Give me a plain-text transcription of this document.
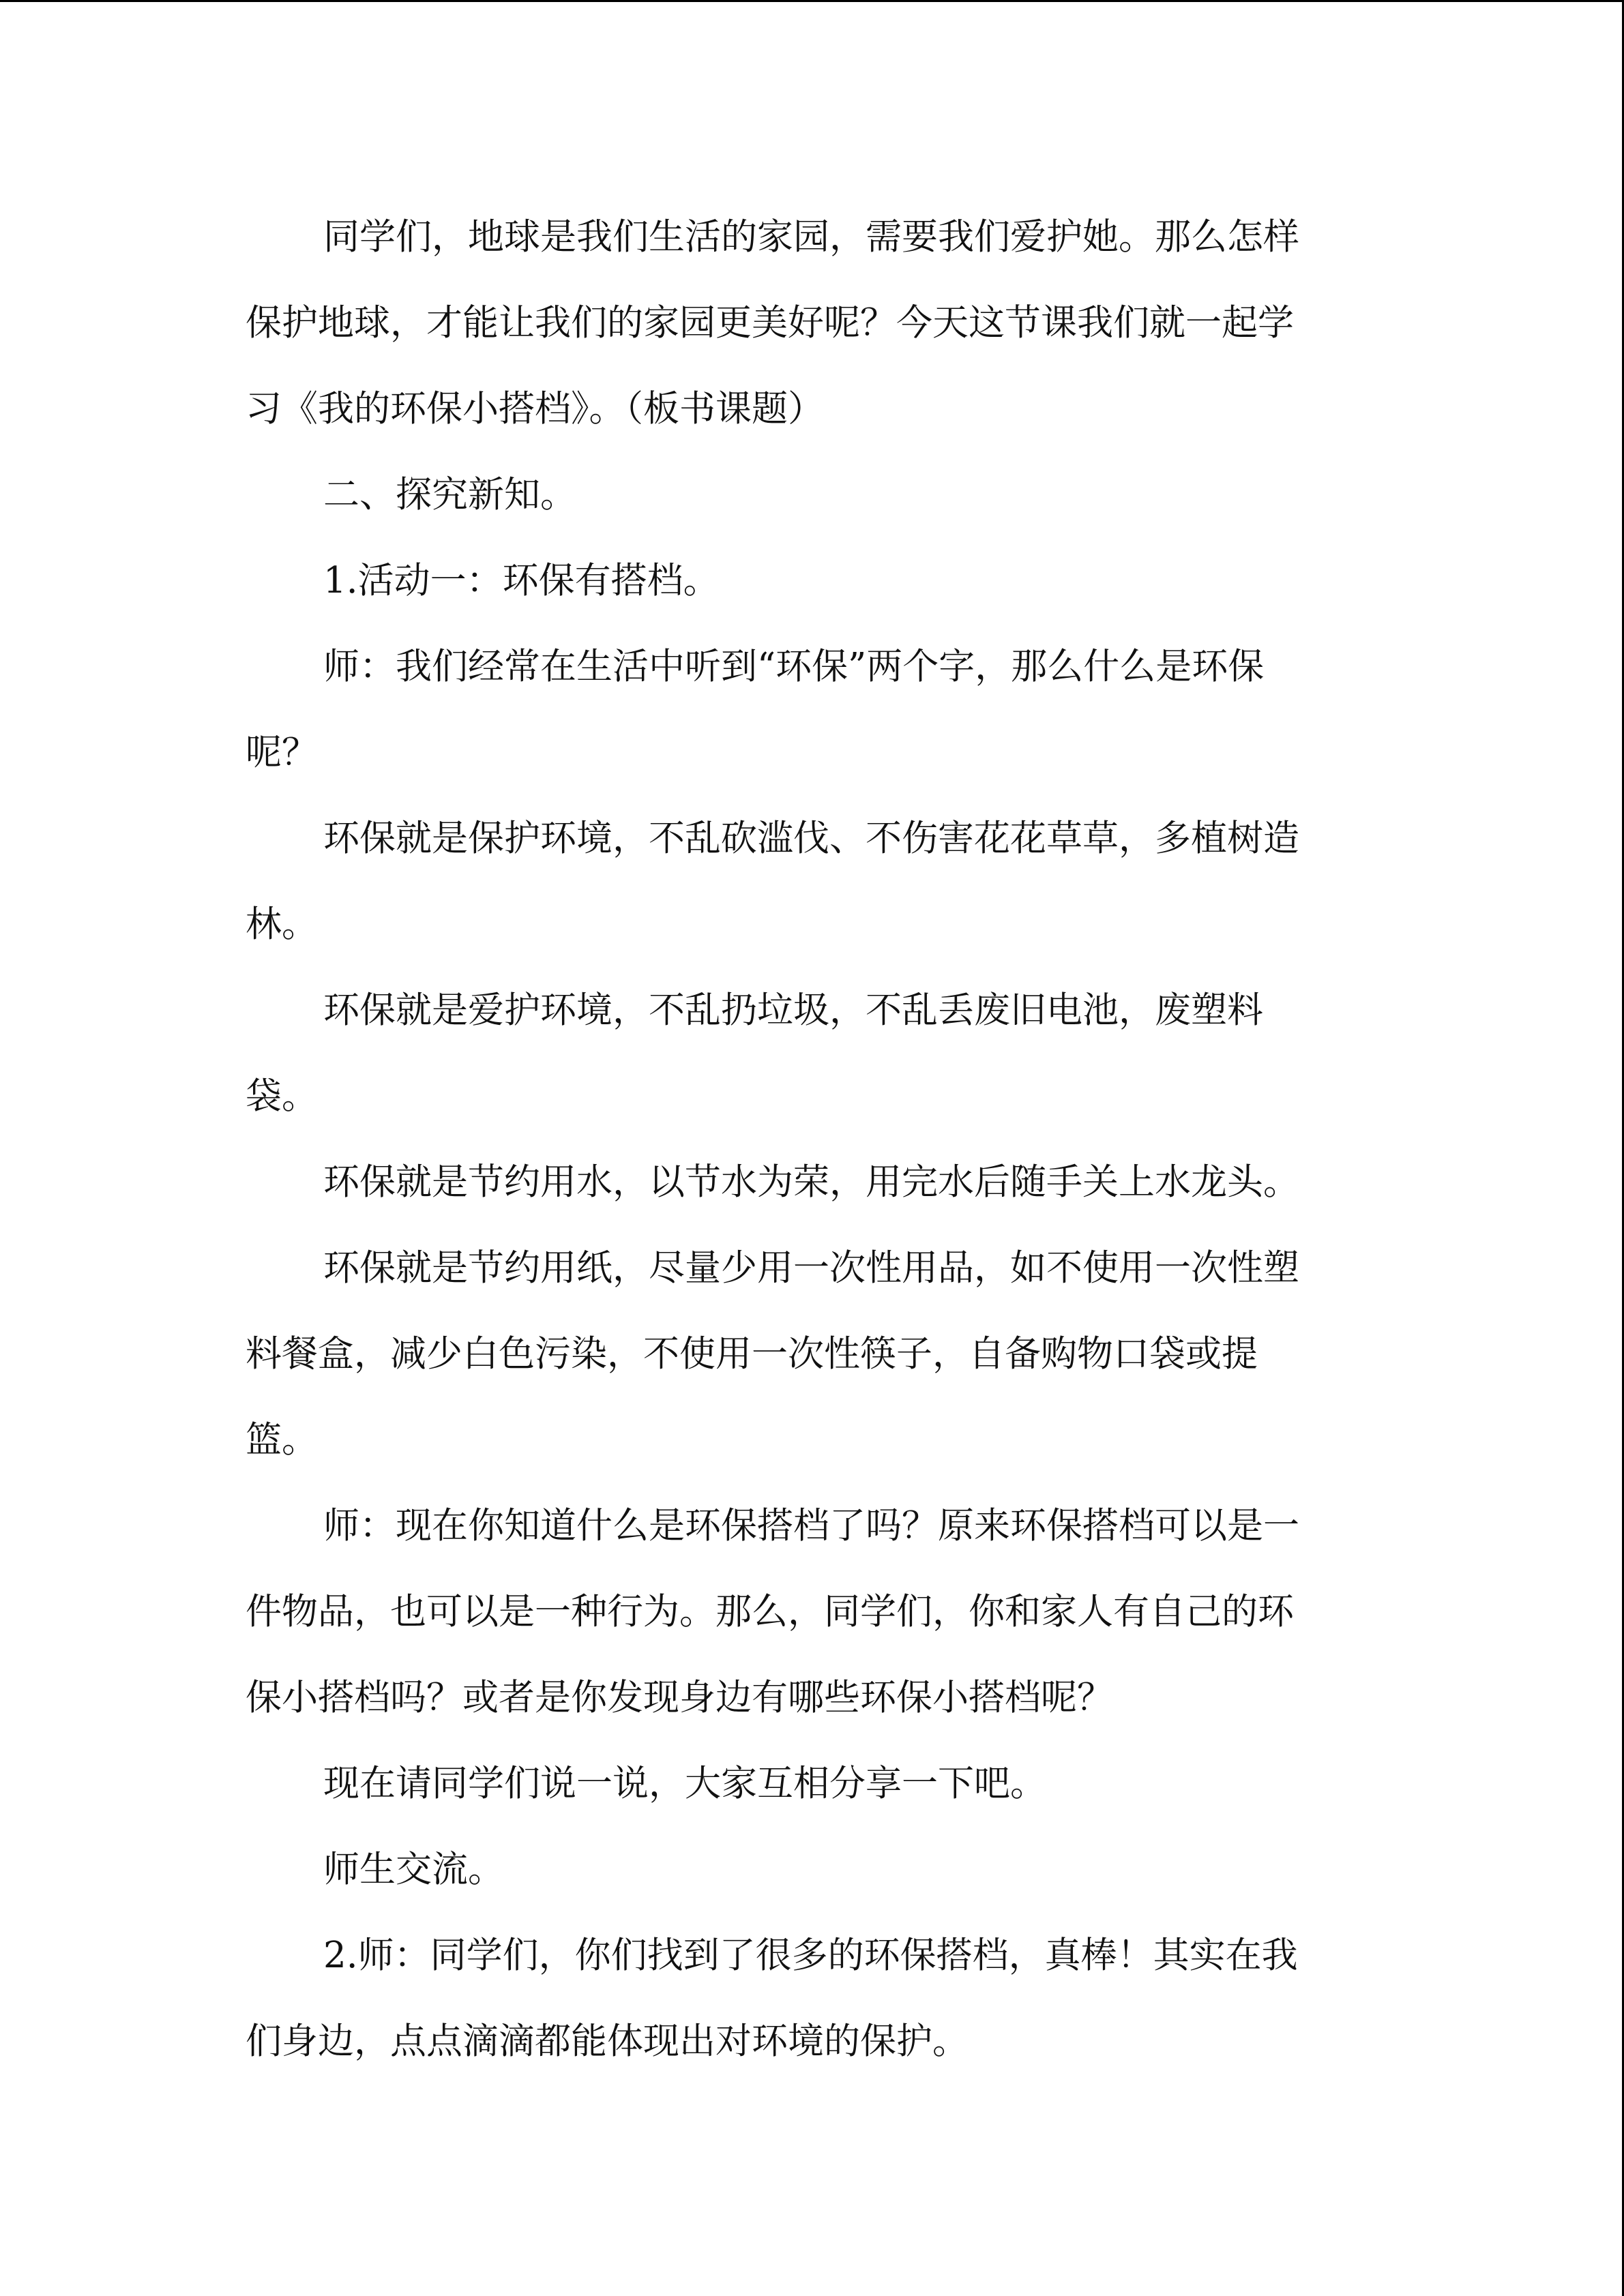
同学们，地球是我们生活的家园，需要我们爱护她。那么怎样
保护地球，才能让我们的家园更美好呢？今天这节课我们就一起学
习《我的环保小搭档》。（板书课题）
二、探究新知。
1.活动一：环保有搭档。
师：我们经常在生活中听到“环保”两个字，那么什么是环保
呢？
环保就是保护环境，不乱砍滥伐、不伤害花花草草，多植树造
林。
环保就是爱护环境，不乱扔垃圾，不乱丢废旧电池，废塑料
袋。
环保就是节约用水，以节水为荣，用完水后随手关上水龙头。
环保就是节约用纸，尽量少用一次性用品，如不使用一次性塑
料餐盒，减少白色污染，不使用一次性筷子，自备购物口袋或提
篮。
师：现在你知道什么是环保搭档了吗？原来环保搭档可以是一
件物品，也可以是一种行为。那么，同学们，你和家人有自己的环
保小搭档吗？或者是你发现身边有哪些环保小搭档呢？
现在请同学们说一说，大家互相分享一下吧。
师生交流。
2.师：同学们，你们找到了很多的环保搭档，真棒！其实在我
们身边，点点滴滴都能体现出对环境的保护。
